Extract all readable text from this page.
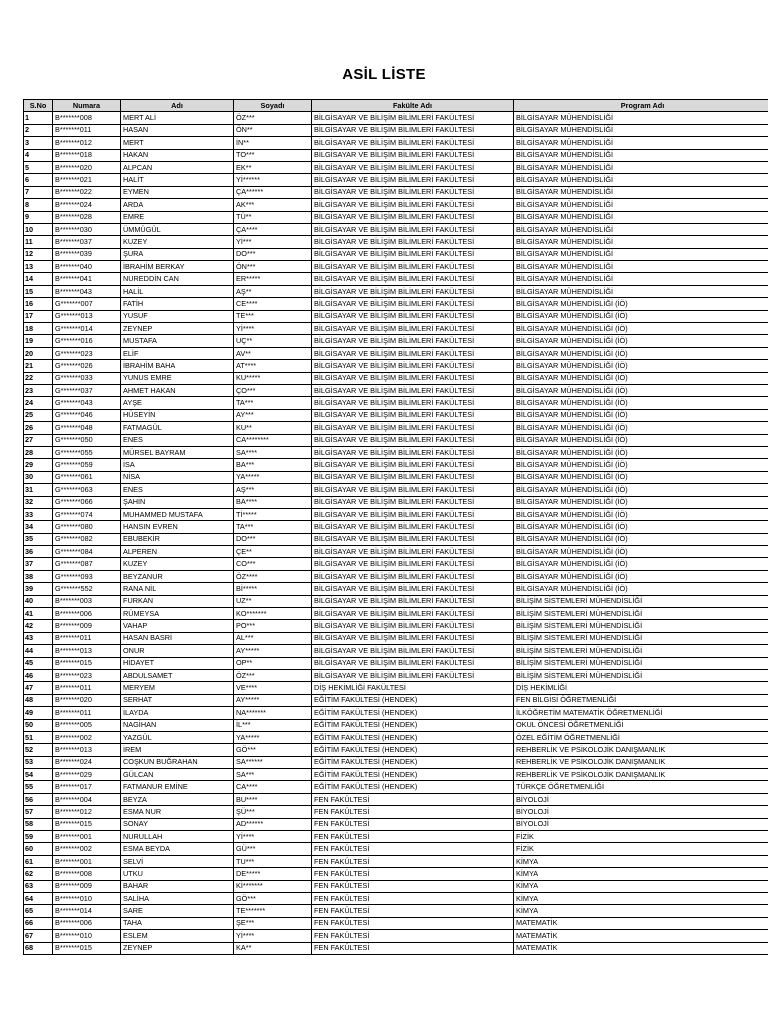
ASİL LİSTE
S.No	Numara	Adı	Soyadı	Fakülte Adı	Program Adı
1	B*******008	MERT ALİ	ÖZ***	BİLGİSAYAR VE BİLİŞİM BİLİMLERİ FAKÜLTESİ	BİLGİSAYAR MÜHENDİSLİĞİ
2	B*******011	HASAN	ÖN**	BİLGİSAYAR VE BİLİŞİM BİLİMLERİ FAKÜLTESİ	BİLGİSAYAR MÜHENDİSLİĞİ
3	B*******012	MERT	İN**	BİLGİSAYAR VE BİLİŞİM BİLİMLERİ FAKÜLTESİ	BİLGİSAYAR MÜHENDİSLİĞİ
4	B*******018	HAKAN	TO***	BİLGİSAYAR VE BİLİŞİM BİLİMLERİ FAKÜLTESİ	BİLGİSAYAR MÜHENDİSLİĞİ
5	B*******020	ALPCAN	EK**	BİLGİSAYAR VE BİLİŞİM BİLİMLERİ FAKÜLTESİ	BİLGİSAYAR MÜHENDİSLİĞİ
6	B*******021	HALİT	Yİ******	BİLGİSAYAR VE BİLİŞİM BİLİMLERİ FAKÜLTESİ	BİLGİSAYAR MÜHENDİSLİĞİ
7	B*******022	EYMEN	ÇA******	BİLGİSAYAR VE BİLİŞİM BİLİMLERİ FAKÜLTESİ	BİLGİSAYAR MÜHENDİSLİĞİ
8	B*******024	ARDA	AK***	BİLGİSAYAR VE BİLİŞİM BİLİMLERİ FAKÜLTESİ	BİLGİSAYAR MÜHENDİSLİĞİ
9	B*******028	EMRE	TÜ**	BİLGİSAYAR VE BİLİŞİM BİLİMLERİ FAKÜLTESİ	BİLGİSAYAR MÜHENDİSLİĞİ
10	B*******030	ÜMMÜGÜL	ÇA****	BİLGİSAYAR VE BİLİŞİM BİLİMLERİ FAKÜLTESİ	BİLGİSAYAR MÜHENDİSLİĞİ
11	B*******037	KUZEY	Yİ***	BİLGİSAYAR VE BİLİŞİM BİLİMLERİ FAKÜLTESİ	BİLGİSAYAR MÜHENDİSLİĞİ
12	B*******039	ŞURA	DO***	BİLGİSAYAR VE BİLİŞİM BİLİMLERİ FAKÜLTESİ	BİLGİSAYAR MÜHENDİSLİĞİ
13	B*******040	İBRAHİM BERKAY	ÖN***	BİLGİSAYAR VE BİLİŞİM BİLİMLERİ FAKÜLTESİ	BİLGİSAYAR MÜHENDİSLİĞİ
14	B*******041	NUREDDİN CAN	ER*****	BİLGİSAYAR VE BİLİŞİM BİLİMLERİ FAKÜLTESİ	BİLGİSAYAR MÜHENDİSLİĞİ
15	B*******043	HALİL	AŞ**	BİLGİSAYAR VE BİLİŞİM BİLİMLERİ FAKÜLTESİ	BİLGİSAYAR MÜHENDİSLİĞİ
16	G*******007	FATİH	CE****	BİLGİSAYAR VE BİLİŞİM BİLİMLERİ FAKÜLTESİ	BİLGİSAYAR MÜHENDİSLİĞİ (İÖ)
17	G*******013	YUSUF	TE***	BİLGİSAYAR VE BİLİŞİM BİLİMLERİ FAKÜLTESİ	BİLGİSAYAR MÜHENDİSLİĞİ (İÖ)
18	G*******014	ZEYNEP	Yİ****	BİLGİSAYAR VE BİLİŞİM BİLİMLERİ FAKÜLTESİ	BİLGİSAYAR MÜHENDİSLİĞİ (İÖ)
19	G*******016	MUSTAFA	UÇ**	BİLGİSAYAR VE BİLİŞİM BİLİMLERİ FAKÜLTESİ	BİLGİSAYAR MÜHENDİSLİĞİ (İÖ)
20	G*******023	ELİF	AV**	BİLGİSAYAR VE BİLİŞİM BİLİMLERİ FAKÜLTESİ	BİLGİSAYAR MÜHENDİSLİĞİ (İÖ)
21	G*******026	İBRAHİM BAHA	AT****	BİLGİSAYAR VE BİLİŞİM BİLİMLERİ FAKÜLTESİ	BİLGİSAYAR MÜHENDİSLİĞİ (İÖ)
22	G*******033	YUNUS EMRE	KU*****	BİLGİSAYAR VE BİLİŞİM BİLİMLERİ FAKÜLTESİ	BİLGİSAYAR MÜHENDİSLİĞİ (İÖ)
23	G*******037	AHMET HAKAN	ÇO***	BİLGİSAYAR VE BİLİŞİM BİLİMLERİ FAKÜLTESİ	BİLGİSAYAR MÜHENDİSLİĞİ (İÖ)
24	G*******043	AYŞE	TA***	BİLGİSAYAR VE BİLİŞİM BİLİMLERİ FAKÜLTESİ	BİLGİSAYAR MÜHENDİSLİĞİ (İÖ)
25	G*******046	HÜSEYİN	AY***	BİLGİSAYAR VE BİLİŞİM BİLİMLERİ FAKÜLTESİ	BİLGİSAYAR MÜHENDİSLİĞİ (İÖ)
26	G*******048	FATMAGÜL	KU**	BİLGİSAYAR VE BİLİŞİM BİLİMLERİ FAKÜLTESİ	BİLGİSAYAR MÜHENDİSLİĞİ (İÖ)
27	G*******050	ENES	CA********	BİLGİSAYAR VE BİLİŞİM BİLİMLERİ FAKÜLTESİ	BİLGİSAYAR MÜHENDİSLİĞİ (İÖ)
28	G*******055	MÜRSEL BAYRAM	SA****	BİLGİSAYAR VE BİLİŞİM BİLİMLERİ FAKÜLTESİ	BİLGİSAYAR MÜHENDİSLİĞİ (İÖ)
29	G*******059	İSA	BA***	BİLGİSAYAR VE BİLİŞİM BİLİMLERİ FAKÜLTESİ	BİLGİSAYAR MÜHENDİSLİĞİ (İÖ)
30	G*******061	NİSA	YA*****	BİLGİSAYAR VE BİLİŞİM BİLİMLERİ FAKÜLTESİ	BİLGİSAYAR MÜHENDİSLİĞİ (İÖ)
31	G*******063	ENES	AŞ***	BİLGİSAYAR VE BİLİŞİM BİLİMLERİ FAKÜLTESİ	BİLGİSAYAR MÜHENDİSLİĞİ (İÖ)
32	G*******066	ŞAHİN	BA****	BİLGİSAYAR VE BİLİŞİM BİLİMLERİ FAKÜLTESİ	BİLGİSAYAR MÜHENDİSLİĞİ (İÖ)
33	G*******074	MUHAMMED MUSTAFA	Tİ*****	BİLGİSAYAR VE BİLİŞİM BİLİMLERİ FAKÜLTESİ	BİLGİSAYAR MÜHENDİSLİĞİ (İÖ)
34	G*******080	HANSIN EVREN	TA***	BİLGİSAYAR VE BİLİŞİM BİLİMLERİ FAKÜLTESİ	BİLGİSAYAR MÜHENDİSLİĞİ (İÖ)
35	G*******082	EBUBEKİR	DO***	BİLGİSAYAR VE BİLİŞİM BİLİMLERİ FAKÜLTESİ	BİLGİSAYAR MÜHENDİSLİĞİ (İÖ)
36	G*******084	ALPEREN	ÇE**	BİLGİSAYAR VE BİLİŞİM BİLİMLERİ FAKÜLTESİ	BİLGİSAYAR MÜHENDİSLİĞİ (İÖ)
37	G*******087	KUZEY	CO***	BİLGİSAYAR VE BİLİŞİM BİLİMLERİ FAKÜLTESİ	BİLGİSAYAR MÜHENDİSLİĞİ (İÖ)
38	G*******093	BEYZANUR	ÖZ****	BİLGİSAYAR VE BİLİŞİM BİLİMLERİ FAKÜLTESİ	BİLGİSAYAR MÜHENDİSLİĞİ (İÖ)
39	G*******552	RANA NİL	Bİ*****	BİLGİSAYAR VE BİLİŞİM BİLİMLERİ FAKÜLTESİ	BİLGİSAYAR MÜHENDİSLİĞİ (İÖ)
40	B*******003	FURKAN	UZ**	BİLGİSAYAR VE BİLİŞİM BİLİMLERİ FAKÜLTESİ	BİLİŞİM SİSTEMLERİ MÜHENDİSLİĞİ
41	B*******006	RÜMEYSA	KO*******	BİLGİSAYAR VE BİLİŞİM BİLİMLERİ FAKÜLTESİ	BİLİŞİM SİSTEMLERİ MÜHENDİSLİĞİ
42	B*******009	VAHAP	PO***	BİLGİSAYAR VE BİLİŞİM BİLİMLERİ FAKÜLTESİ	BİLİŞİM SİSTEMLERİ MÜHENDİSLİĞİ
43	B*******011	HASAN BASRİ	AL***	BİLGİSAYAR VE BİLİŞİM BİLİMLERİ FAKÜLTESİ	BİLİŞİM SİSTEMLERİ MÜHENDİSLİĞİ
44	B*******013	ONUR	AY*****	BİLGİSAYAR VE BİLİŞİM BİLİMLERİ FAKÜLTESİ	BİLİŞİM SİSTEMLERİ MÜHENDİSLİĞİ
45	B*******015	HİDAYET	OP**	BİLGİSAYAR VE BİLİŞİM BİLİMLERİ FAKÜLTESİ	BİLİŞİM SİSTEMLERİ MÜHENDİSLİĞİ
46	B*******023	ABDULSAMET	ÖZ***	BİLGİSAYAR VE BİLİŞİM BİLİMLERİ FAKÜLTESİ	BİLİŞİM SİSTEMLERİ MÜHENDİSLİĞİ
47	B*******011	MERYEM	VE****	DİŞ HEKİMLİĞİ FAKÜLTESİ	DİŞ HEKİMLİĞİ
48	B*******020	SERHAT	AY*****	EĞİTİM FAKÜLTESİ (HENDEK)	FEN BİLGİSİ ÖĞRETMENLİĞİ
49	B*******011	İLAYDA	NA*******	EĞİTİM FAKÜLTESİ (HENDEK)	İLKÖĞRETİM MATEMATİK ÖĞRETMENLİĞİ
50	B*******005	NAGİHAN	İL***	EĞİTİM FAKÜLTESİ (HENDEK)	OKUL ÖNCESİ ÖĞRETMENLİĞİ
51	B*******002	YAZGÜL	YA*****	EĞİTİM FAKÜLTESİ (HENDEK)	ÖZEL EĞİTİM ÖĞRETMENLİĞİ
52	B*******013	İREM	GÖ***	EĞİTİM FAKÜLTESİ (HENDEK)	REHBERLİK VE PSİKOLOJİK DANIŞMANLIK
53	B*******024	COŞKUN BUĞRAHAN	SA******	EĞİTİM FAKÜLTESİ (HENDEK)	REHBERLİK VE PSİKOLOJİK DANIŞMANLIK
54	B*******029	GÜLCAN	SA***	EĞİTİM FAKÜLTESİ (HENDEK)	REHBERLİK VE PSİKOLOJİK DANIŞMANLIK
55	B*******017	FATMANUR EMİNE	CA****	EĞİTİM FAKÜLTESİ (HENDEK)	TÜRKÇE ÖĞRETMENLİĞİ
56	B*******004	BEYZA	BU****	FEN FAKÜLTESİ	BİYOLOJİ
57	B*******012	ESMA NUR	ŞÜ***	FEN FAKÜLTESİ	BİYOLOJİ
58	B*******015	SONAY	AD******	FEN FAKÜLTESİ	BİYOLOJİ
59	B*******001	NURULLAH	Yİ****	FEN FAKÜLTESİ	FİZİK
60	B*******002	ESMA BEYDA	GÜ***	FEN FAKÜLTESİ	FİZİK
61	B*******001	SELVİ	TU***	FEN FAKÜLTESİ	KİMYA
62	B*******008	UTKU	DE*****	FEN FAKÜLTESİ	KİMYA
63	B*******009	BAHAR	Kİ*******	FEN FAKÜLTESİ	KİMYA
64	B*******010	SALİHA	GÖ***	FEN FAKÜLTESİ	KİMYA
65	B*******014	SARE	TE*******	FEN FAKÜLTESİ	KİMYA
66	B*******006	TAHA	ŞE***	FEN FAKÜLTESİ	MATEMATİK
67	B*******010	ESLEM	Yİ****	FEN FAKÜLTESİ	MATEMATİK
68	B*******015	ZEYNEP	KA**	FEN FAKÜLTESİ	MATEMATİK
